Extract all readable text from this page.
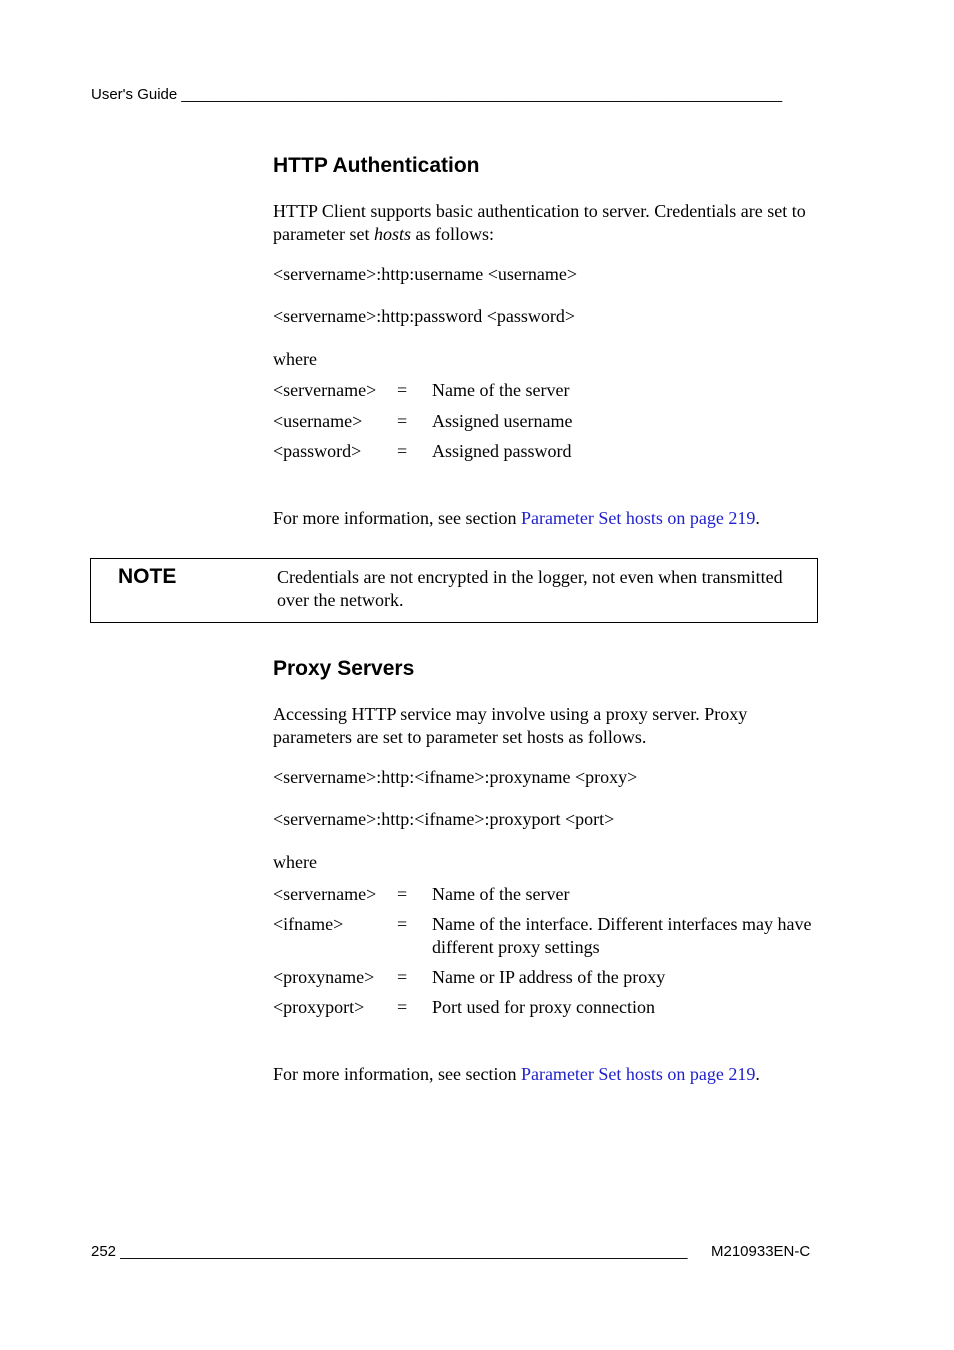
User's Guide ________________________________________________________________________
HTTP Authentication
HTTP Client supports basic authentication to server. Credentials are set to parameter set hosts as follows:
<servername>:http:username <username>
<servername>:http:password <password>
where
<servername> = Name of the server
<username> = Assigned username
<password> = Assigned password
For more information, see section Parameter Set hosts on page 219.
NOTE	Credentials are not encrypted in the logger, not even when transmitted over the network.
Proxy Servers
Accessing HTTP service may involve using a proxy server. Proxy parameters are set to parameter set hosts as follows.
<servername>:http:<ifname>:proxyname <proxy>
<servername>:http:<ifname>:proxyport <port>
where
<servername> = Name of the server
<ifname>	= Name of the interface. Different interfaces may have different proxy settings
<proxyname> = Name or IP address of the proxy
<proxyport> = Port used for proxy connection
For more information, see section Parameter Set hosts on page 219.
252 ____________________________________________________________________ M210933EN-C
